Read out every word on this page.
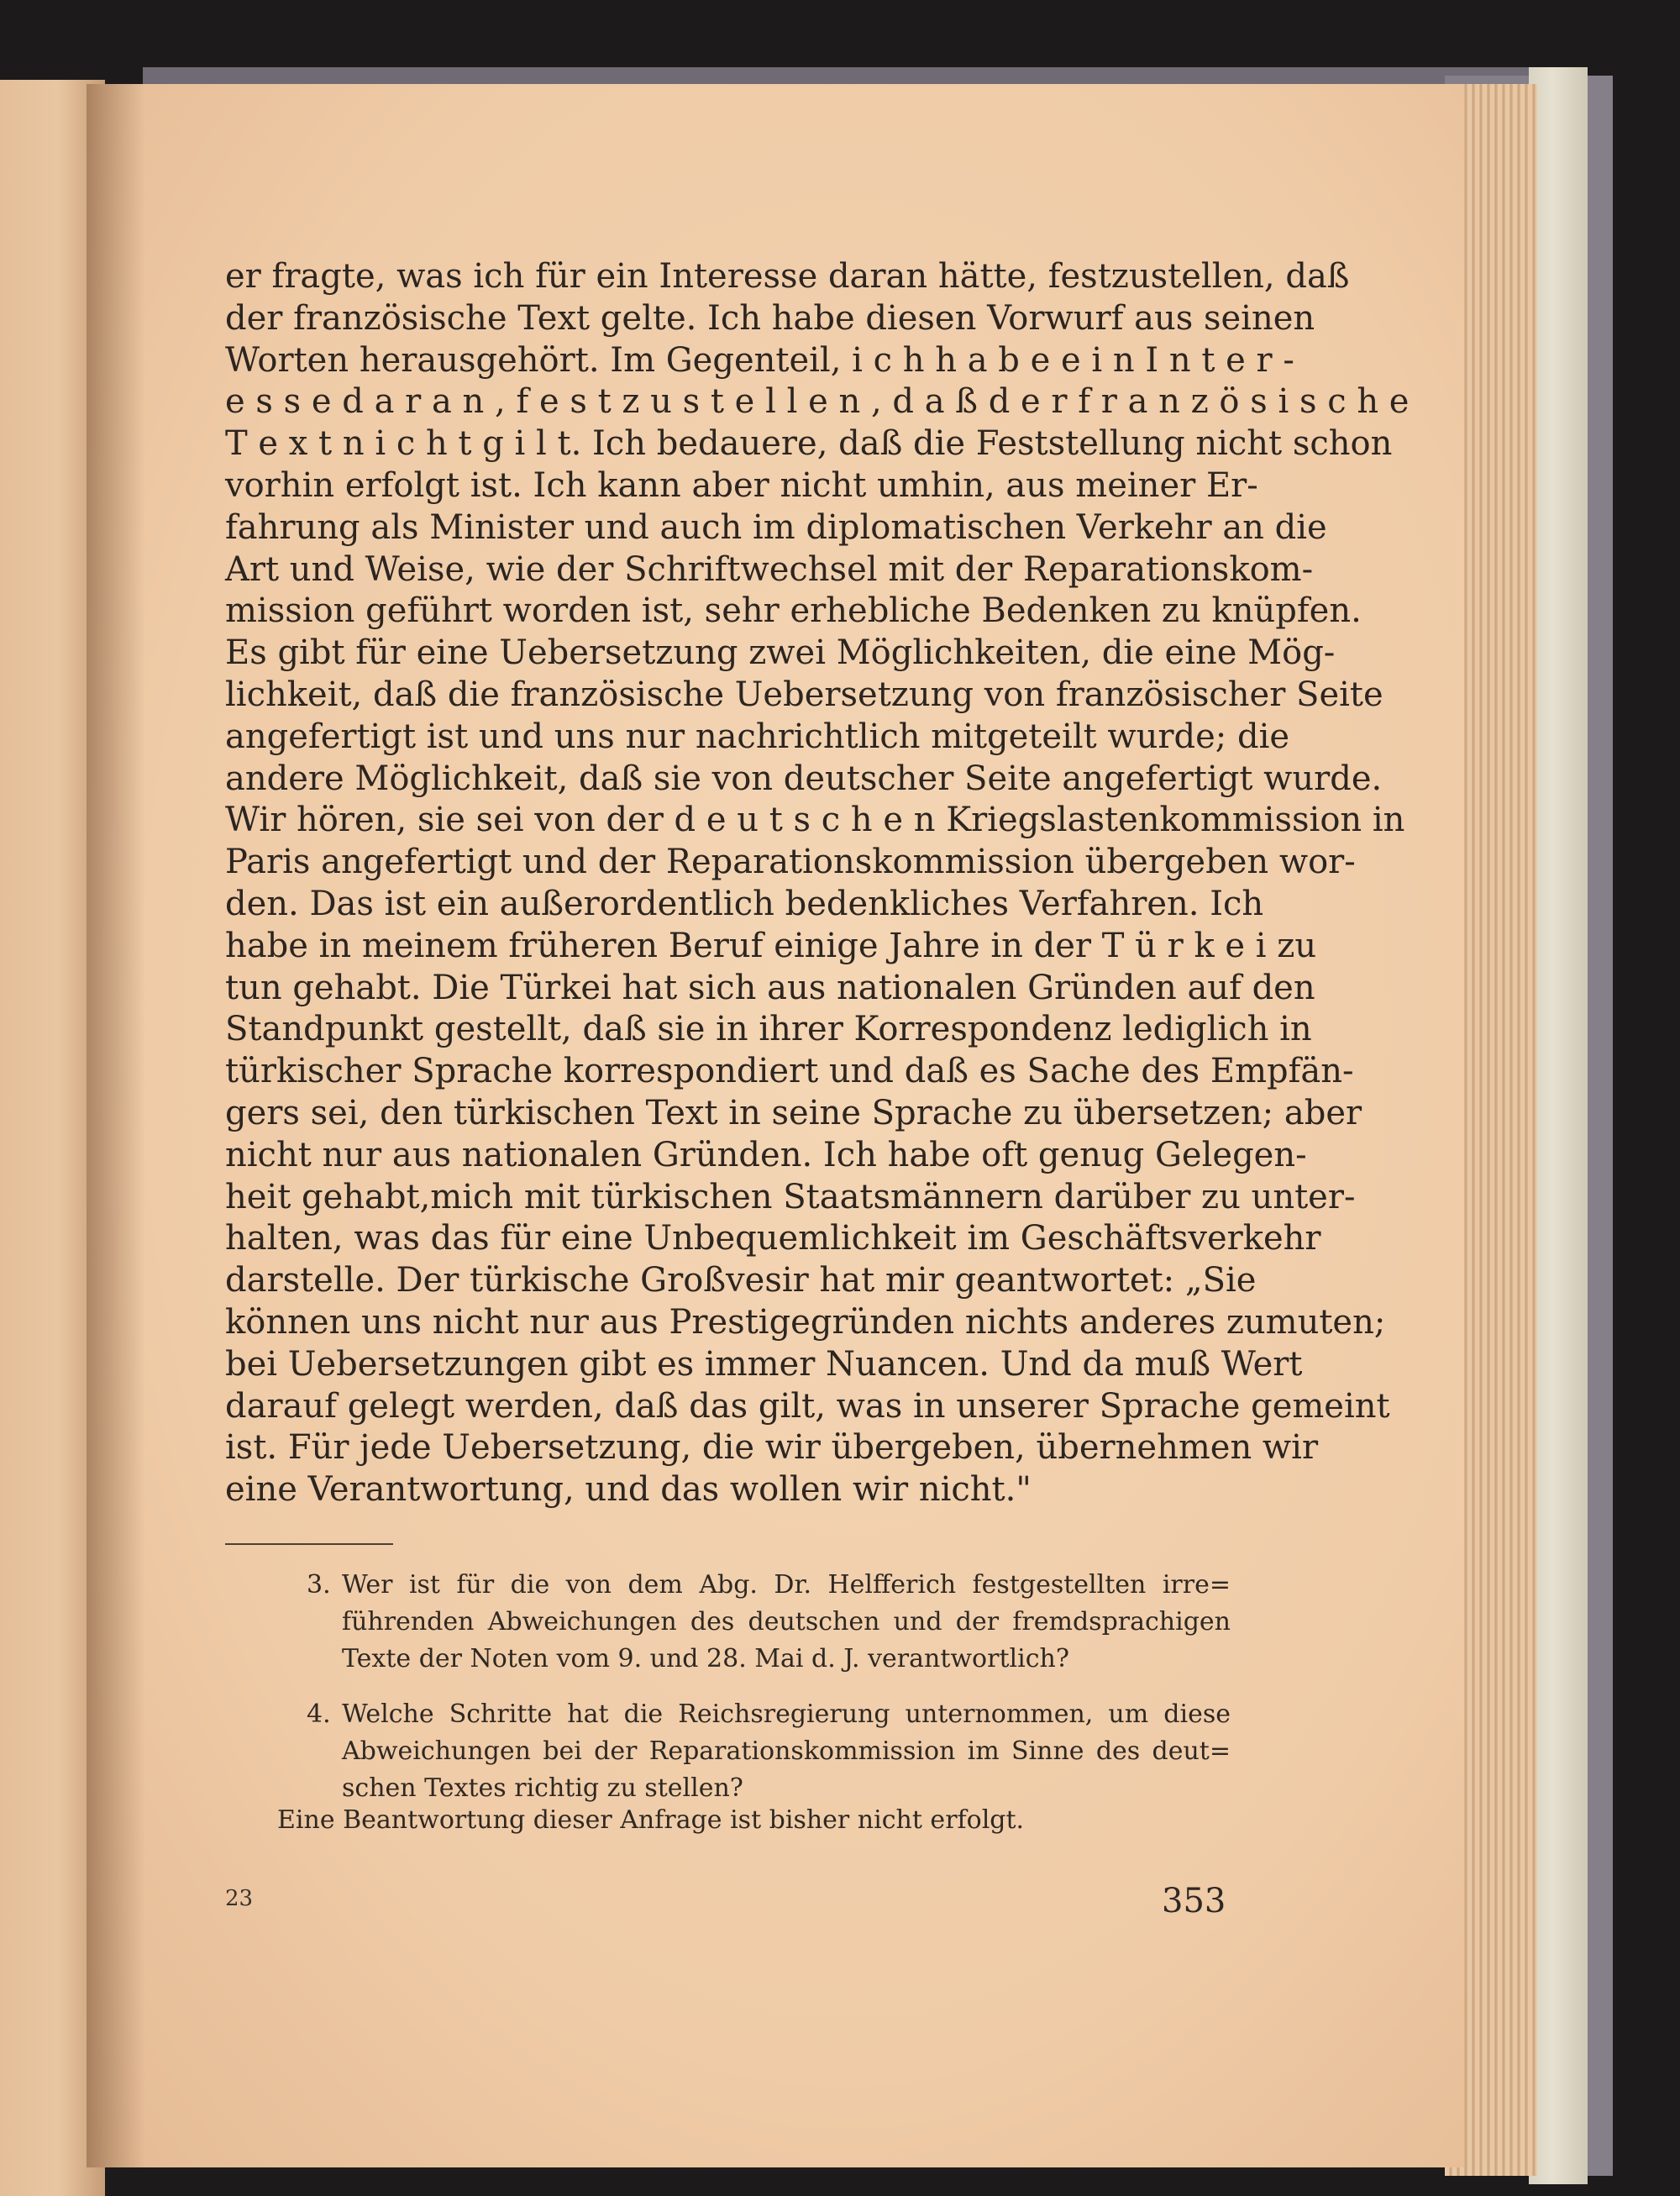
er fragte, was ich für ein Interesse daran hätte, festzustellen, daß
der französische Text gelte. Ich habe diesen Vorwurf aus seinen
Worten herausgehört. Im Gegenteil, i c h h a b e e i n I n t e r -
e s s e d a r a n , f e s t z u s t e l l e n , d a ß d e r f r a n z ö s i s c h e
T e x t n i c h t g i l t. Ich bedauere, daß die Feststellung nicht schon
vorhin erfolgt ist. Ich kann aber nicht umhin, aus meiner Er-
fahrung als Minister und auch im diplomatischen Verkehr an die
Art und Weise, wie der Schriftwechsel mit der Reparationskom-
mission geführt worden ist, sehr erhebliche Bedenken zu knüpfen.
Es gibt für eine Uebersetzung zwei Möglichkeiten, die eine Mög-
lichkeit, daß die französische Uebersetzung von französischer Seite
angefertigt ist und uns nur nachrichtlich mitgeteilt wurde; die
andere Möglichkeit, daß sie von deutscher Seite angefertigt wurde.
Wir hören, sie sei von der d e u t s c h e n Kriegslastenkommission in
Paris angefertigt und der Reparationskommission übergeben wor-
den. Das ist ein außerordentlich bedenkliches Verfahren. Ich
habe in meinem früheren Beruf einige Jahre in der T ü r k e i zu
tun gehabt. Die Türkei hat sich aus nationalen Gründen auf den
Standpunkt gestellt, daß sie in ihrer Korrespondenz lediglich in
türkischer Sprache korrespondiert und daß es Sache des Empfän-
gers sei, den türkischen Text in seine Sprache zu übersetzen; aber
nicht nur aus nationalen Gründen. Ich habe oft genug Gelegen-
heit gehabt,mich mit türkischen Staatsmännern darüber zu unter-
halten, was das für eine Unbequemlichkeit im Geschäftsverkehr
darstelle. Der türkische Großvesir hat mir geantwortet: „Sie
können uns nicht nur aus Prestigegründen nichts anderes zumuten;
bei Uebersetzungen gibt es immer Nuancen. Und da muß Wert
darauf gelegt werden, daß das gilt, was in unserer Sprache gemeint
ist. Für jede Uebersetzung, die wir übergeben, übernehmen wir
eine Verantwortung, und das wollen wir nicht."
3. Wer ist für die von dem Abg. Dr. Helfferich festgestellten irre=
führenden Abweichungen des deutschen und der fremdsprachigen
Texte der Noten vom 9. und 28. Mai d. J. verantwortlich?
4. Welche Schritte hat die Reichsregierung unternommen, um diese
Abweichungen bei der Reparationskommission im Sinne des deut=
schen Textes richtig zu stellen?
Eine Beantwortung dieser Anfrage ist bisher nicht erfolgt.
23	353
